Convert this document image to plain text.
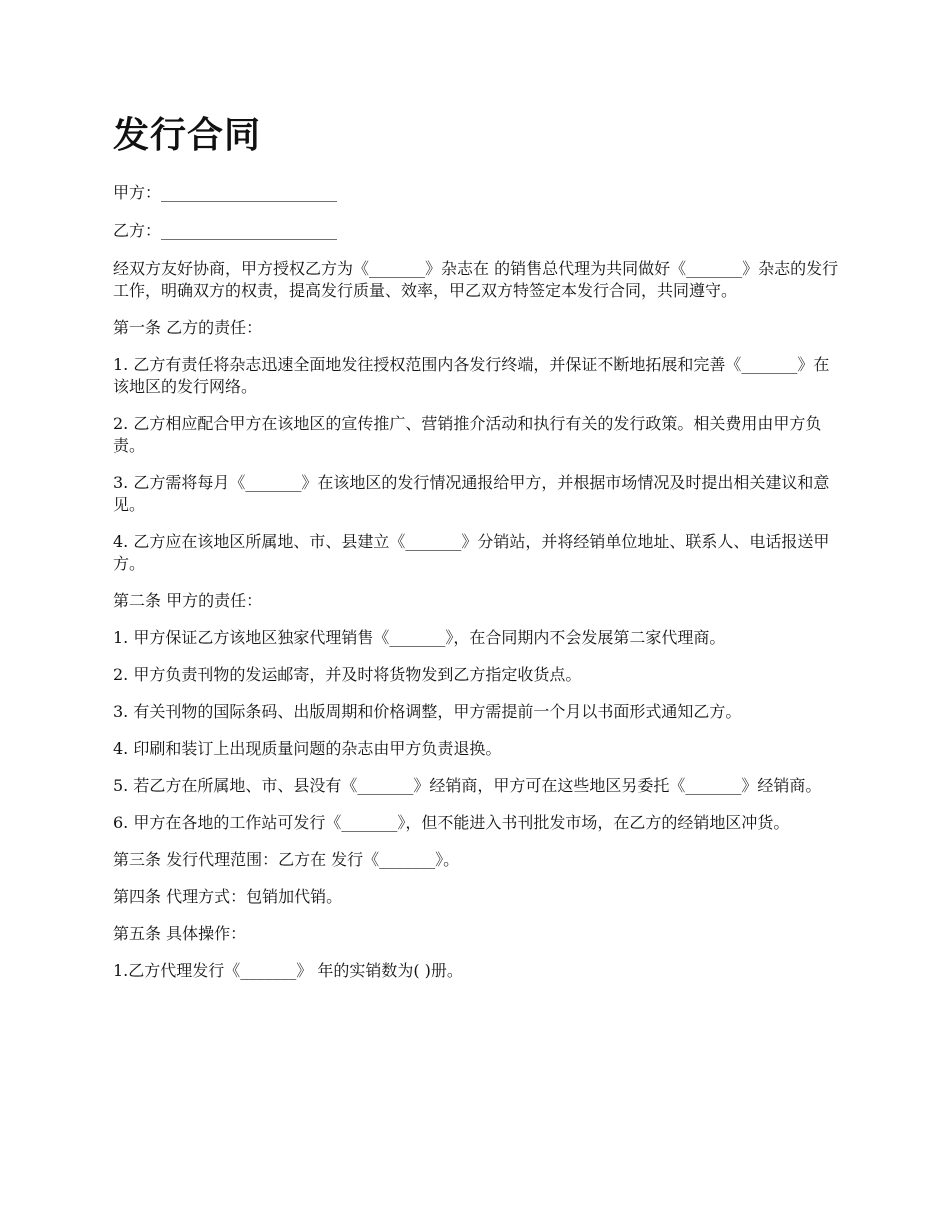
发行合同

甲方：______________________

乙方：______________________

经双方友好协商，甲方授权乙方为《_______》杂志在 的销售总代理为共同做好《_______》杂志的发行工作，明确双方的权责，提高发行质量、效率，甲乙双方特签定本发行合同，共同遵守。

第一条 乙方的责任：

1. 乙方有责任将杂志迅速全面地发往授权范围内各发行终端，并保证不断地拓展和完善《_______》在该地区的发行网络。

2. 乙方相应配合甲方在该地区的宣传推广、营销推介活动和执行有关的发行政策。相关费用由甲方负责。

3. 乙方需将每月《_______》在该地区的发行情况通报给甲方，并根据市场情况及时提出相关建议和意见。

4. 乙方应在该地区所属地、市、县建立《_______》分销站，并将经销单位地址、联系人、电话报送甲方。

第二条 甲方的责任：

1. 甲方保证乙方该地区独家代理销售《_______》，在合同期内不会发展第二家代理商。

2. 甲方负责刊物的发运邮寄，并及时将货物发到乙方指定收货点。

3. 有关刊物的国际条码、出版周期和价格调整，甲方需提前一个月以书面形式通知乙方。

4. 印刷和装订上出现质量问题的杂志由甲方负责退换。

5. 若乙方在所属地、市、县没有《_______》经销商，甲方可在这些地区另委托《_______》经销商。

6. 甲方在各地的工作站可发行《_______》，但不能进入书刊批发市场，在乙方的经销地区冲货。

第三条 发行代理范围：乙方在 发行《_______》。

第四条 代理方式：包销加代销。

第五条 具体操作：

1.乙方代理发行《_______》 年的实销数为( )册。
